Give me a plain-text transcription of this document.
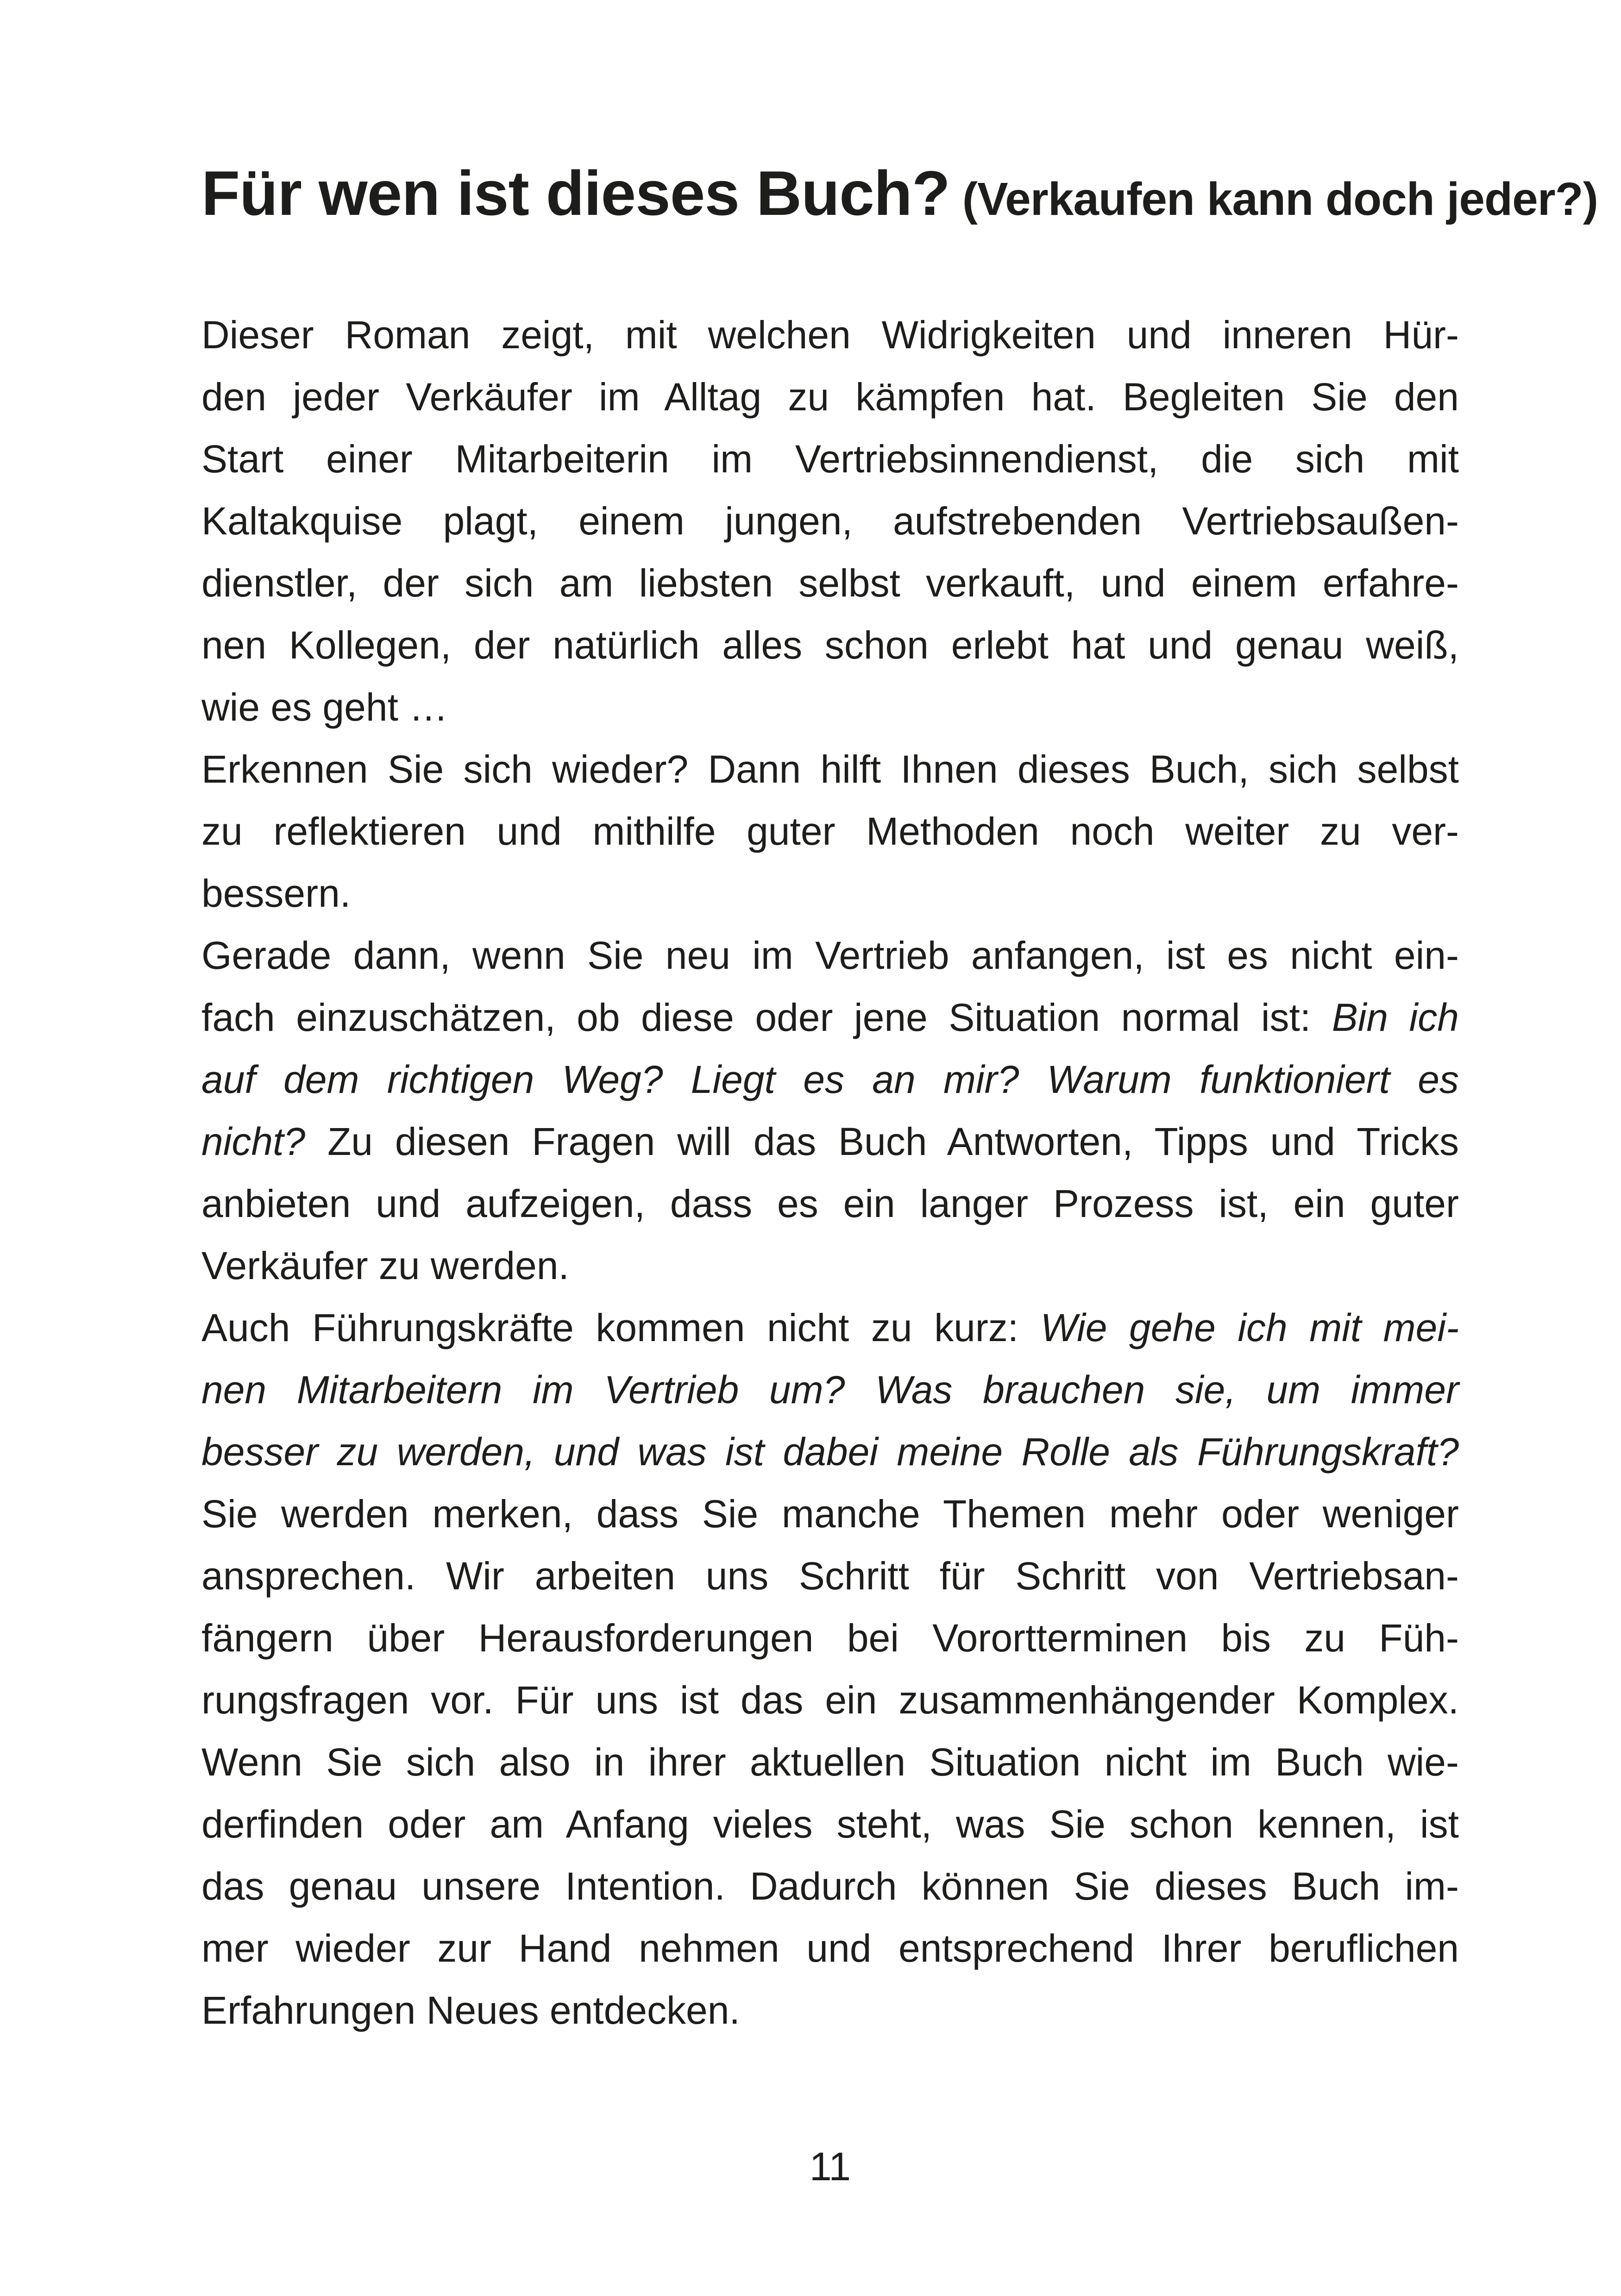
Für wen ist dieses Buch? (Verkaufen kann doch jeder?)
Dieser Roman zeigt, mit welchen Widrigkeiten und inneren Hür-
den jeder Verkäufer im Alltag zu kämpfen hat. Begleiten Sie den
Start einer Mitarbeiterin im Vertriebsinnendienst, die sich mit
Kaltakquise plagt, einem jungen, aufstrebenden Vertriebsaußen-
dienstler, der sich am liebsten selbst verkauft, und einem erfahre-
nen Kollegen, der natürlich alles schon erlebt hat und genau weiß,
wie es geht …
Erkennen Sie sich wieder? Dann hilft Ihnen dieses Buch, sich selbst
zu reflektieren und mithilfe guter Methoden noch weiter zu ver-
bessern.
Gerade dann, wenn Sie neu im Vertrieb anfangen, ist es nicht ein-
fach einzuschätzen, ob diese oder jene Situation normal ist: Bin ich
auf dem richtigen Weg? Liegt es an mir? Warum funktioniert es
nicht? Zu diesen Fragen will das Buch Antworten, Tipps und Tricks
anbieten und aufzeigen, dass es ein langer Prozess ist, ein guter
Verkäufer zu werden.
Auch Führungskräfte kommen nicht zu kurz: Wie gehe ich mit mei-
nen Mitarbeitern im Vertrieb um? Was brauchen sie, um immer
besser zu werden, und was ist dabei meine Rolle als Führungskraft?
Sie werden merken, dass Sie manche Themen mehr oder weniger
ansprechen. Wir arbeiten uns Schritt für Schritt von Vertriebsan-
fängern über Herausforderungen bei Vorortterminen bis zu Füh-
rungsfragen vor. Für uns ist das ein zusammenhängender Komplex.
Wenn Sie sich also in ihrer aktuellen Situation nicht im Buch wie-
derfinden oder am Anfang vieles steht, was Sie schon kennen, ist
das genau unsere Intention. Dadurch können Sie dieses Buch im-
mer wieder zur Hand nehmen und entsprechend Ihrer beruflichen
Erfahrungen Neues entdecken.
11
